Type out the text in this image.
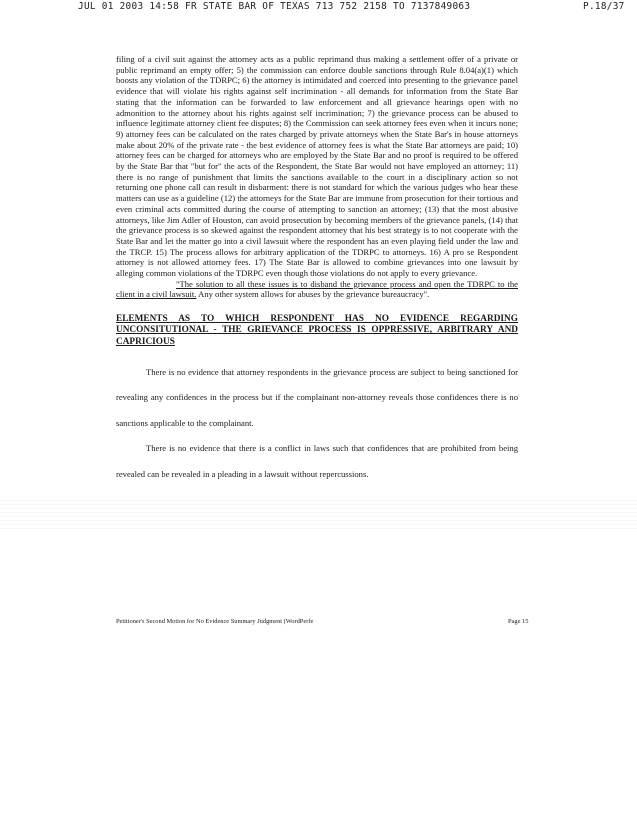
JUL 01 2003 14:58 FR STATE BAR OF TEXAS 713 752 2158 TO 7137849063	P.18/37

filing of a civil suit against the attorney acts as a public reprimand thus making a settlement offer of a private or public reprimand an empty offer; 5) the commission can enforce double sanctions through Rule 8.04(a)(1) which boosts any violation of the TDRPC; 6) the attorney is intimidated and coerced into presenting to the grievance panel evidence that will violate his rights against self incrimination - all demands for information from the State Bar stating that the information can be forwarded to law enforcement and all grievance hearings open with no admonition to the attorney about his rights against self incrimination; 7) the grievance process can be abused to influence legitimate attorney client fee disputes; 8) the Commission can seek attorney fees even when it incurs none; 9) attorney fees can be calculated on the rates charged by private attorneys when the State Bar's in house attorneys make about 20% of the private rate - the best evidence of attorney fees is what the State Bar attorneys are paid; 10) attorney fees can be charged for attorneys who are employed by the State Bar and no proof is required to be offered by the State Bar that "but for" the acts of the Respondent, the State Bar would not have employed an attorney; 11) there is no range of punishment that limits the sanctions available to the court in a disciplinary action so not returning one phone call can result in disbarment: there is not standard for which the various judges who hear these matters can use as a guideline (12) the attorneys for the State Bar are immune from prosecution for their tortious and even criminal acts committed during the course of attempting to sanction an attorney; (13) that the most abusive attorneys, like Jim Adler of Houston, can avoid prosecution by becoming members of the grievance panels, (14) that the grievance process is so skewed against the respondent attorney that his best strategy is to not cooperate with the State Bar and let the matter go into a civil lawsuit where the respondent has an even playing field under the law and the TRCP. 15) The process allows for arbitrary application of the TDRPC to attorneys. 16) A pro se Respondent attorney is not allowed attorney fees. 17) The State Bar is allowed to combine grievances into one lawsuit by alleging common violations of the TDRPC even though those violations do not apply to every grievance.

"The solution to all these issues is to disband the grievance process and open the TDRPC to the client in a civil lawsuit. Any other system allows for abuses by the grievance bureaucracy".

ELEMENTS AS TO WHICH RESPONDENT HAS NO EVIDENCE REGARDING UNCONSITUTIONAL - THE GRIEVANCE PROCESS IS OPPRESSIVE, ARBITRARY AND CAPRICIOUS

There is no evidence that attorney respondents in the grievance process are subject to being sanctioned for revealing any confidences in the process but if the complainant non-attorney reveals those confidences there is no sanctions applicable to the complainant.

There is no evidence that there is a conflict in laws such that confidences that are prohibited from being revealed can be revealed in a pleading in a lawsuit without repercussions.

Petitioner's Second Motion for No Evidence Summary Judgment (WordPerfe	Page 15
